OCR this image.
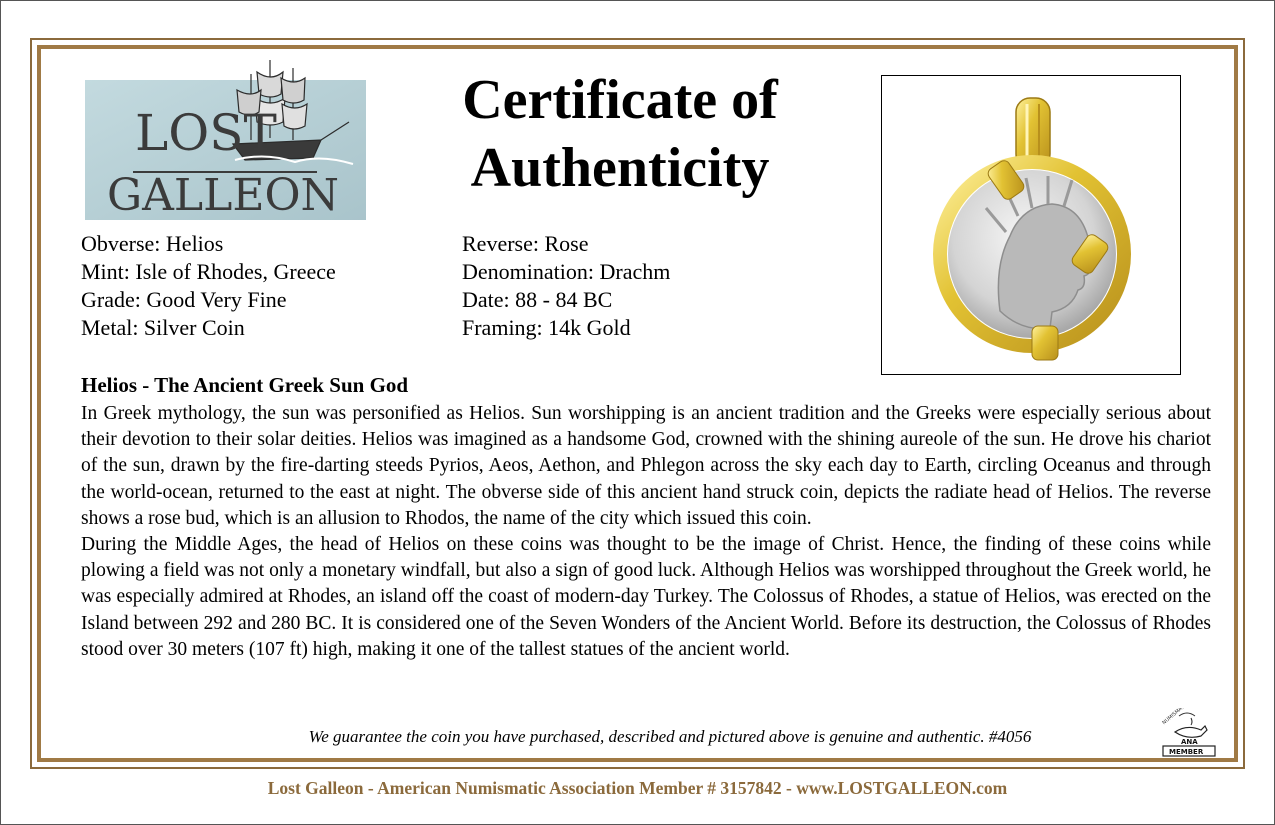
LOST
GALLEON
Certificate of
Authenticity
Obverse: Helios
Mint: Isle of Rhodes, Greece
Grade: Good Very Fine
Metal: Silver Coin
Reverse: Rose
Denomination: Drachm
Date: 88 - 84 BC
Framing: 14k Gold
Helios - The Ancient Greek Sun God

In Greek mythology, the sun was personified as Helios. Sun worshipping is an ancient tradition and the Greeks were especially serious about their devotion to their solar deities. Helios was imagined as a handsome God, crowned with the shining aureole of the sun. He drove his chariot of the sun, drawn by the fire-darting steeds Pyrios, Aeos, Aethon, and Phlegon across the sky each day to Earth, circling Oceanus and through the world-ocean, returned to the east at night. The obverse side of this ancient hand struck coin, depicts the radiate head of Helios. The reverse shows a rose bud, which is an allusion to Rhodos, the name of the city which issued this coin.

During the Middle Ages, the head of Helios on these coins was thought to be the image of Christ. Hence, the finding of these coins while plowing a field was not only a monetary windfall, but also a sign of good luck. Although Helios was worshipped throughout the Greek world, he was especially admired at Rhodes, an island off the coast of modern-day Turkey. The Colossus of Rhodes, a statue of Helios, was erected on the Island between 292 and 280 BC. It is considered one of the Seven Wonders of the Ancient World. Before its destruction, the Colossus of Rhodes stood over 30 meters (107 ft) high, making it one of the tallest statues of the ancient world.

We guarantee the coin you have purchased, described and pictured above is genuine and authentic. #4056
NUMISMATIC
ANA
MEMBER
Lost Galleon - American Numismatic Association Member # 3157842 - www.LOSTGALLEON.com
